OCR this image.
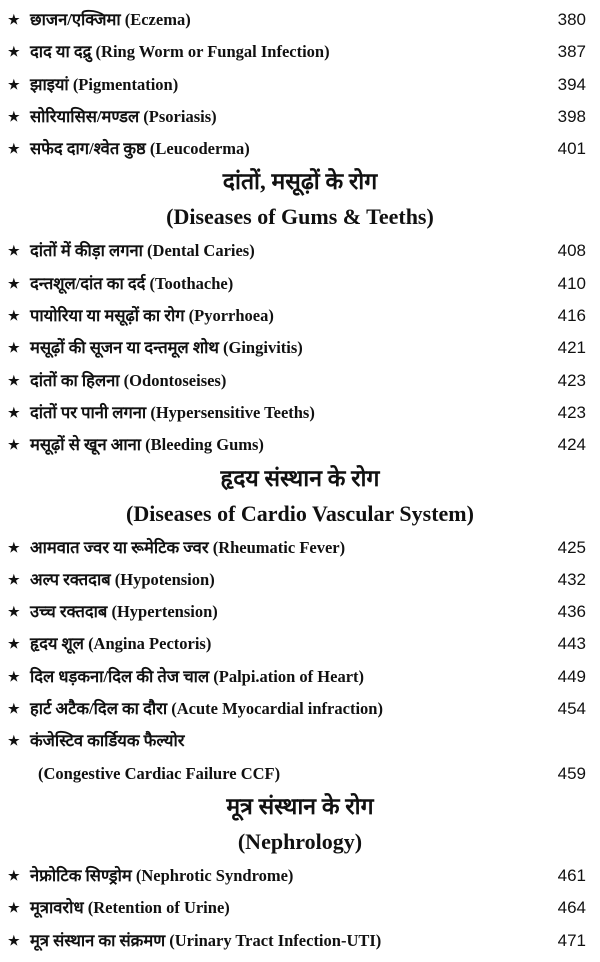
★ छाजन/एक्जिमा (Eczema)	380
★ दाद या दद्रु (Ring Worm or Fungal Infection)	387
★ झाइयां (Pigmentation)	394
★ सोरियासिस/मण्डल (Psoriasis)	398
★ सफेद दाग/श्वेत कुष्ठ (Leucoderma)	401
दांतों, मसूढ़ों के रोग
(Diseases of Gums & Teeths)
★ दांतों में कीड़ा लगना (Dental Caries)	408
★ दन्तशूल/दांत का दर्द (Toothache)	410
★ पायोरिया या मसूढ़ों का रोग (Pyorrhoea)	416
★ मसूढ़ों की सूजन या दन्तमूल शोथ (Gingivitis)	421
★ दांतों का हिलना (Odontoseises)	423
★ दांतों पर पानी लगना (Hypersensitive Teeths)	423
★ मसूढ़ों से खून आना (Bleeding Gums)	424
हृदय संस्थान के रोग
(Diseases of Cardio Vascular System)
★ आमवात ज्वर या रूमेटिक ज्वर (Rheumatic Fever)	425
★ अल्प रक्तदाब (Hypotension)	432
★ उच्च रक्तदाब (Hypertension)	436
★ हृदय शूल (Angina Pectoris)	443
★ दिल धड़कना/दिल की तेज चाल (Palpi.ation of Heart)	449
★ हार्ट अटैक/दिल का दौरा (Acute Myocardial infraction)	454
★ कंजेस्टिव कार्डियक फैल्योर
(Congestive Cardiac Failure CCF)	459
मूत्र संस्थान के रोग
(Nephrology)
★ नेफ्रोटिक सिण्ड्रोम (Nephrotic Syndrome)	461
★ मूत्रावरोध (Retention of Urine)	464
★ मूत्र संस्थान का संक्रमण (Urinary Tract Infection-UTI)	471
